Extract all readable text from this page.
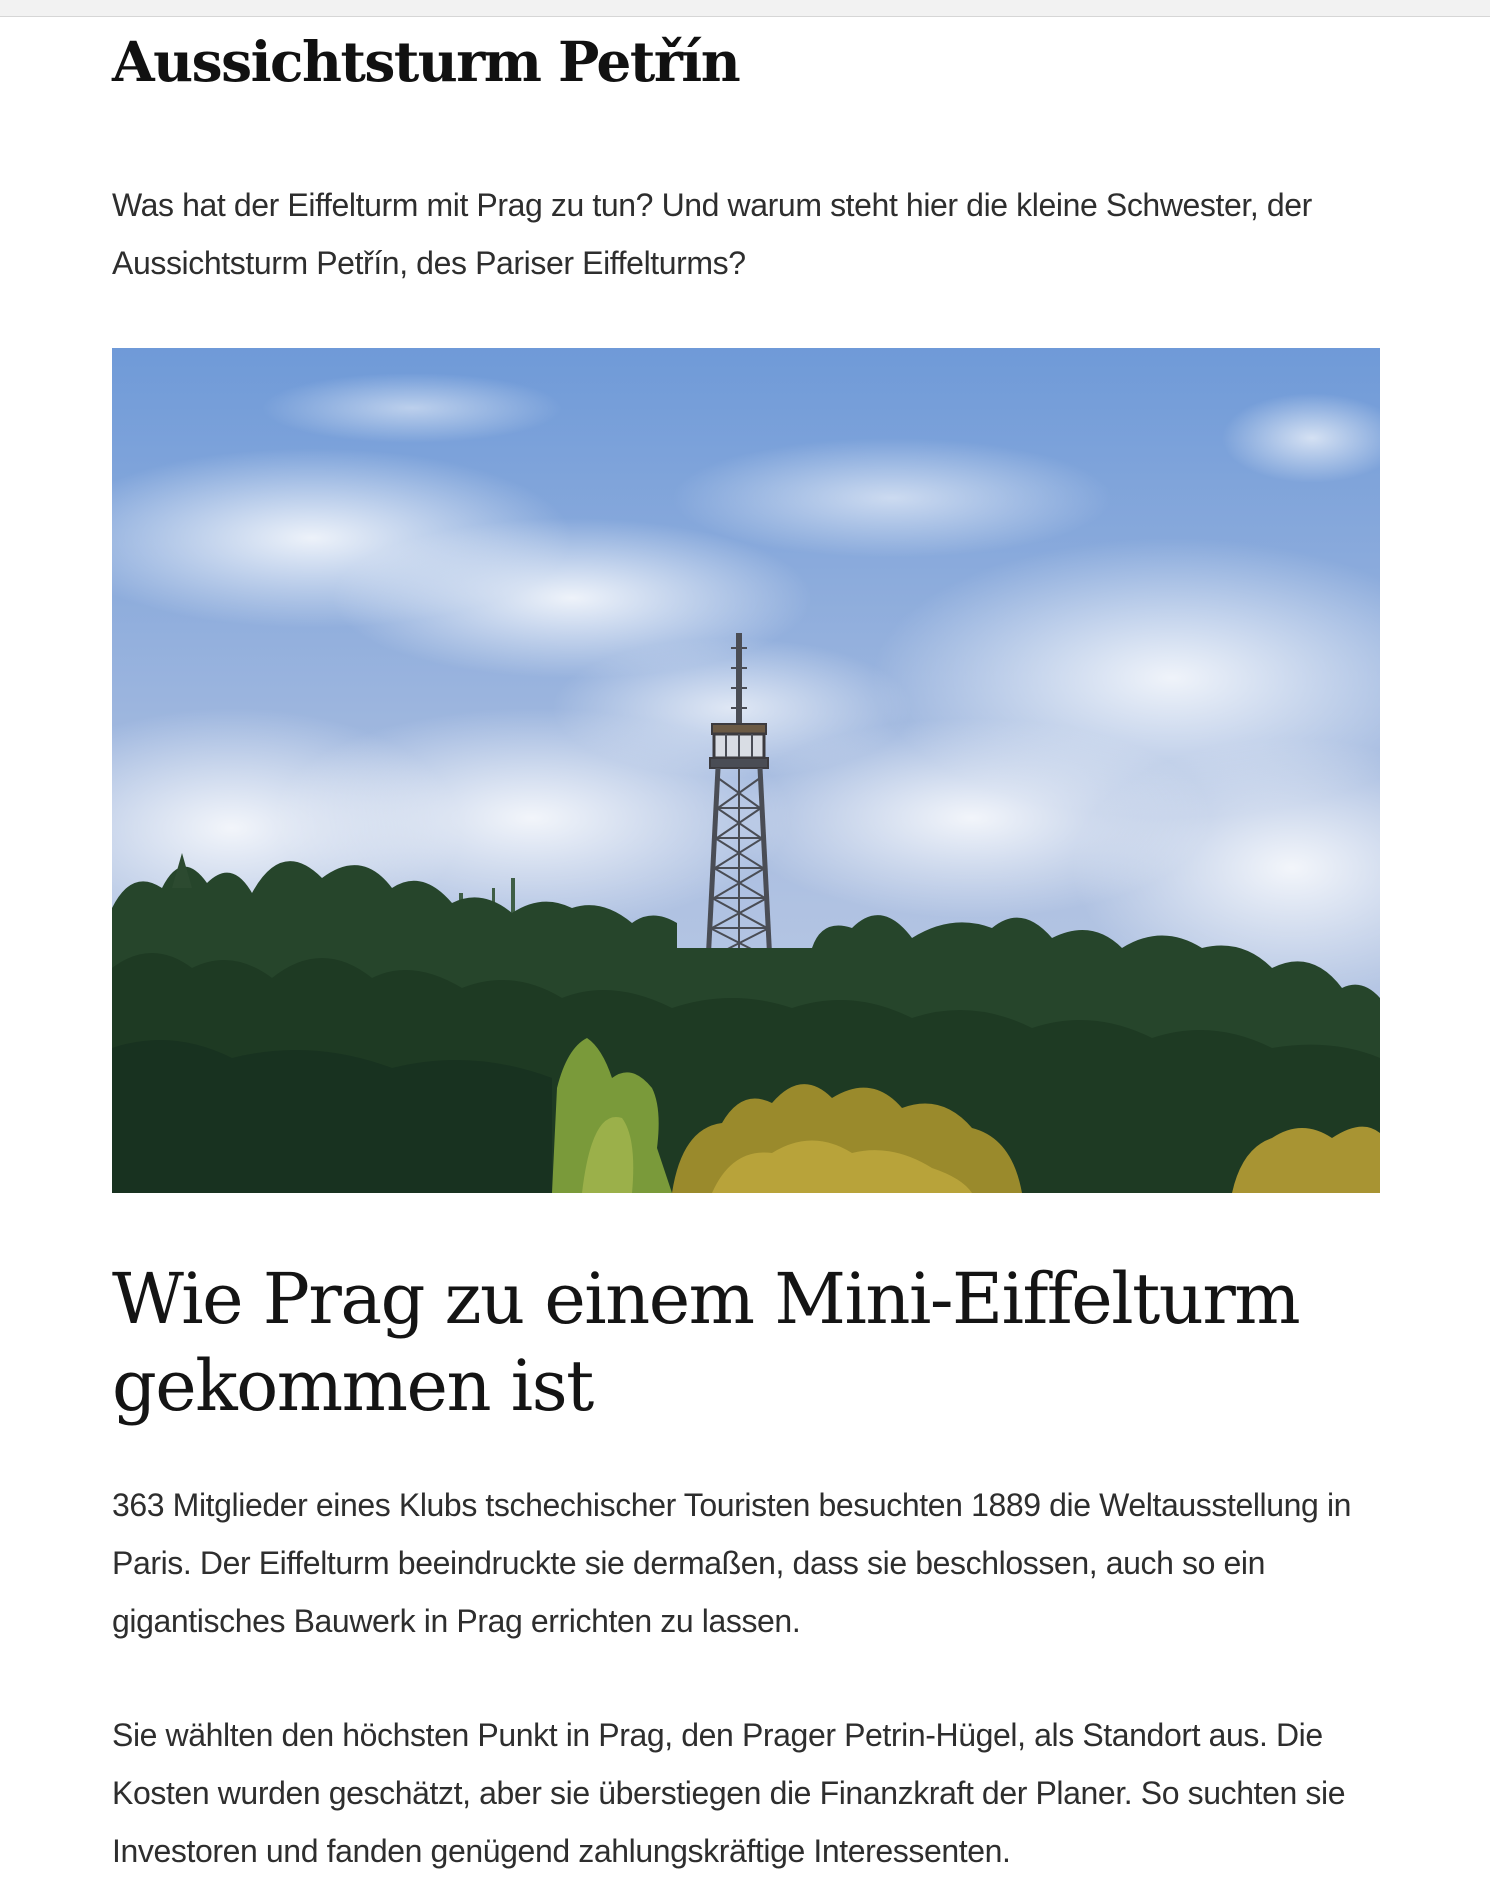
Aussichtsturm Petřín

Was hat der Eiffelturm mit Prag zu tun? Und warum steht hier die kleine Schwester, der Aussichtsturm Petřín, des Pariser Eiffelturms?

Wie Prag zu einem Mini-Eiffelturm gekommen ist

363 Mitglieder eines Klubs tschechischer Touristen besuchten 1889 die Weltausstellung in Paris. Der Eiffelturm beeindruckte sie dermaßen, dass sie beschlossen, auch so ein gigantisches Bauwerk in Prag errichten zu lassen.

Sie wählten den höchsten Punkt in Prag, den Prager Petrin-Hügel, als Standort aus. Die Kosten wurden geschätzt, aber sie überstiegen die Finanzkraft der Planer. So suchten sie Investoren und fanden genügend zahlungskräftige Interessenten.
